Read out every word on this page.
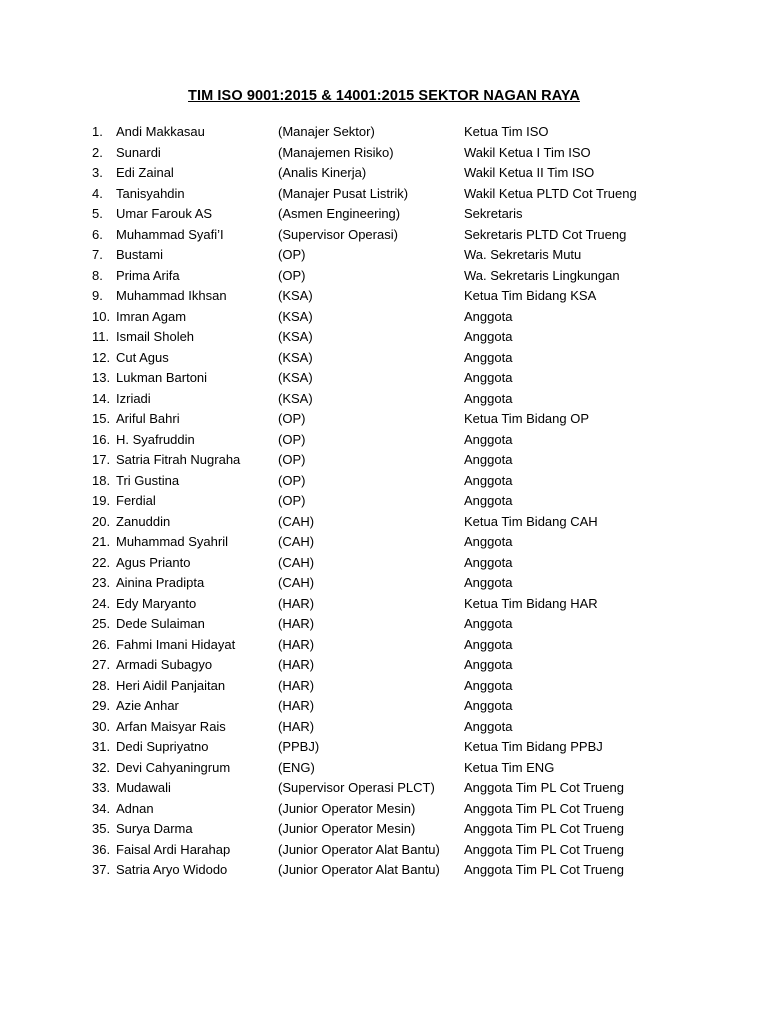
TIM ISO 9001:2015 & 14001:2015 SEKTOR NAGAN RAYA
1. Andi Makkasau	(Manajer Sektor)	Ketua Tim ISO
2. Sunardi	(Manajemen Risiko)	Wakil Ketua I Tim ISO
3. Edi Zainal	(Analis Kinerja)	Wakil Ketua II Tim ISO
4. Tanisyahdin	(Manajer Pusat Listrik)	Wakil Ketua PLTD Cot Trueng
5. Umar Farouk AS	(Asmen Engineering)	Sekretaris
6. Muhammad Syafi’I	(Supervisor Operasi)	Sekretaris PLTD Cot Trueng
7. Bustami	(OP)	Wa. Sekretaris Mutu
8. Prima Arifa	(OP)	Wa. Sekretaris Lingkungan
9. Muhammad Ikhsan	(KSA)	Ketua Tim Bidang KSA
10. Imran Agam	(KSA)	Anggota
11. Ismail Sholeh	(KSA)	Anggota
12. Cut Agus	(KSA)	Anggota
13. Lukman Bartoni	(KSA)	Anggota
14. Izriadi	(KSA)	Anggota
15. Ariful Bahri	(OP)	Ketua Tim Bidang OP
16. H. Syafruddin	(OP)	Anggota
17. Satria Fitrah Nugraha	(OP)	Anggota
18. Tri Gustina	(OP)	Anggota
19. Ferdial	(OP)	Anggota
20. Zanuddin	(CAH)	Ketua Tim Bidang CAH
21. Muhammad Syahril	(CAH)	Anggota
22. Agus Prianto	(CAH)	Anggota
23. Ainina Pradipta	(CAH)	Anggota
24. Edy Maryanto	(HAR)	Ketua Tim Bidang HAR
25. Dede Sulaiman	(HAR)	Anggota
26. Fahmi Imani Hidayat	(HAR)	Anggota
27. Armadi Subagyo	(HAR)	Anggota
28. Heri Aidil Panjaitan	(HAR)	Anggota
29. Azie Anhar	(HAR)	Anggota
30. Arfan Maisyar Rais	(HAR)	Anggota
31. Dedi Supriyatno	(PPBJ)	Ketua Tim Bidang PPBJ
32. Devi Cahyaningrum	(ENG)	Ketua Tim ENG
33. Mudawali	(Supervisor Operasi PLCT) Anggota Tim PL Cot Trueng
34. Adnan	(Junior Operator Mesin)	Anggota Tim PL Cot Trueng
35. Surya Darma	(Junior Operator Mesin)	Anggota Tim PL Cot Trueng
36. Faisal Ardi Harahap	(Junior Operator Alat Bantu) Anggota Tim PL Cot Trueng
37. Satria Aryo Widodo	(Junior Operator Alat Bantu) Anggota Tim PL Cot Trueng
